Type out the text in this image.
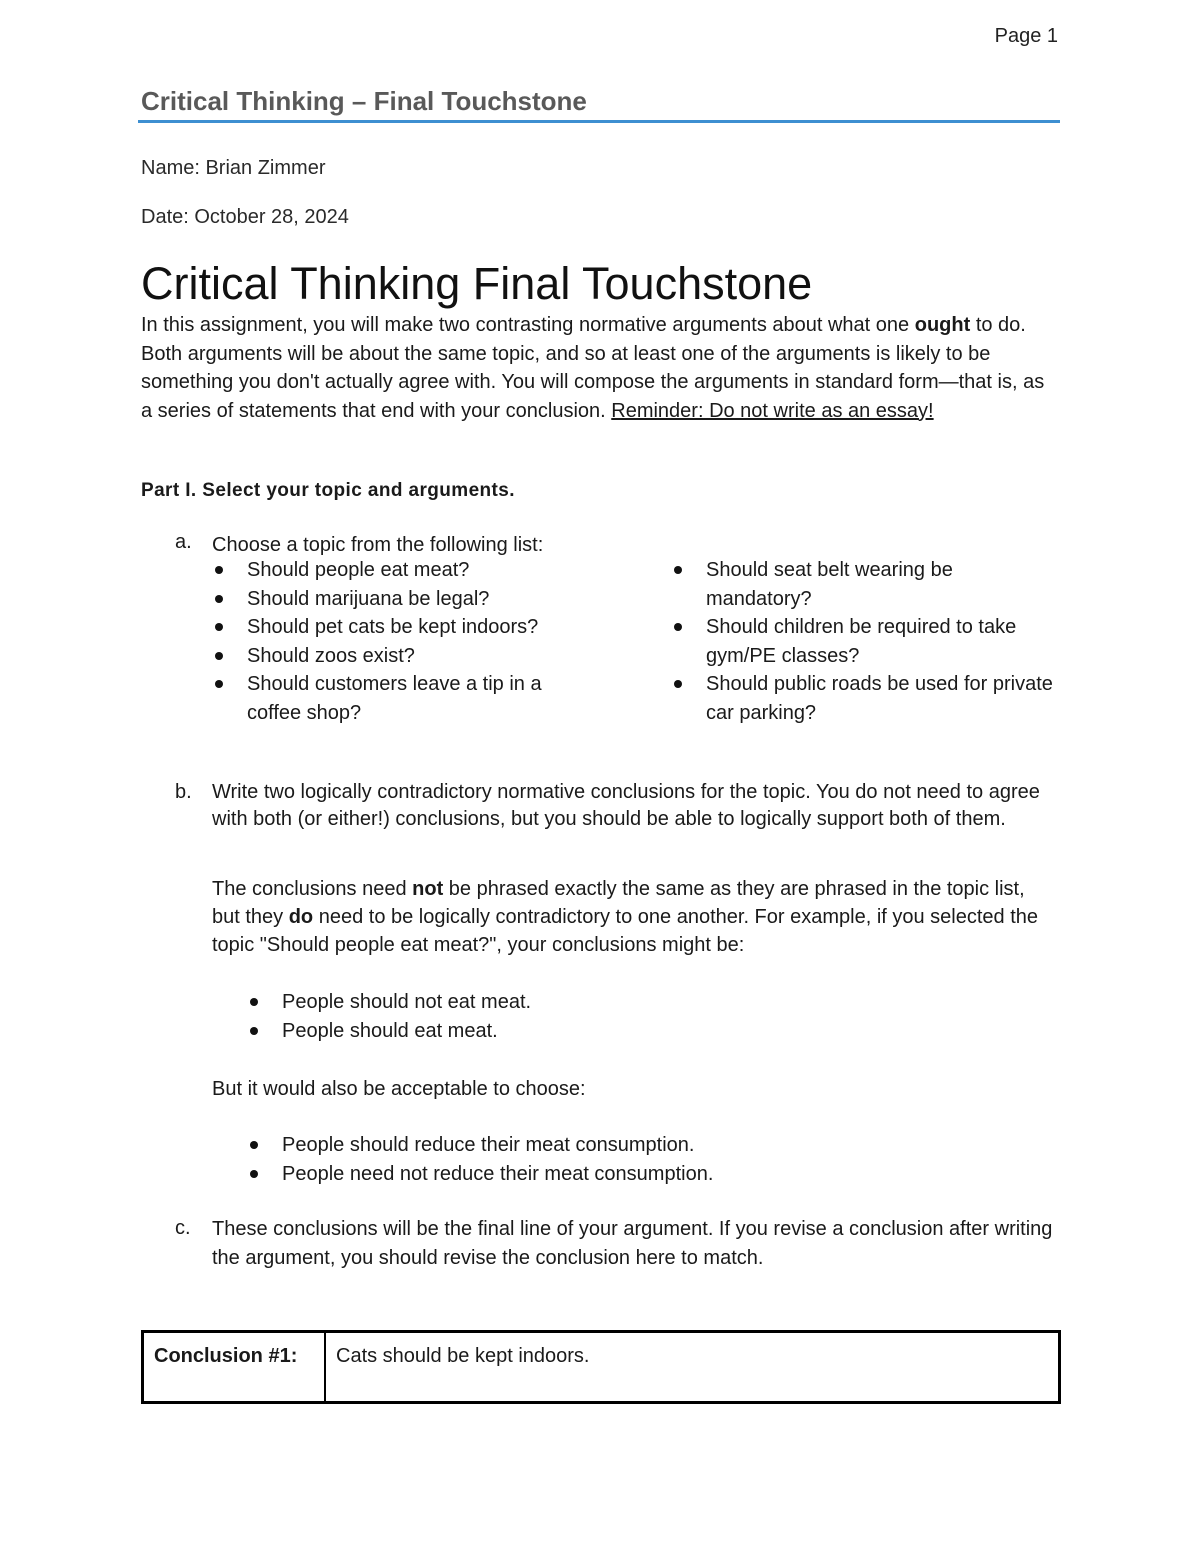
Page 1
Critical Thinking – Final Touchstone
Name: Brian Zimmer
Date: October 28, 2024
Critical Thinking Final Touchstone

In this assignment, you will make two contrasting normative arguments about what one ought to do. Both arguments will be about the same topic, and so at least one of the arguments is likely to be something you don't actually agree with. You will compose the arguments in standard form—that is, as a series of statements that end with your conclusion. Reminder: Do not write as an essay!

Part I. Select your topic and arguments.
a. Choose a topic from the following list:
Should people eat meat?
Should marijuana be legal?
Should pet cats be kept indoors?
Should zoos exist?
Should customers leave a tip in a coffee shop?
Should seat belt wearing be mandatory?
Should children be required to take gym/PE classes?
Should public roads be used for private car parking?
b. Write two logically contradictory normative conclusions for the topic. You do not need to agree with both (or either!) conclusions, but you should be able to logically support both of them.

The conclusions need not be phrased exactly the same as they are phrased in the topic list, but they do need to be logically contradictory to one another. For example, if you selected the topic "Should people eat meat?", your conclusions might be:

People should not eat meat.
People should eat meat.
But it would also be acceptable to choose:
People should reduce their meat consumption.
People need not reduce their meat consumption.
c. These conclusions will be the final line of your argument. If you revise a conclusion after writing the argument, you should revise the conclusion here to match.

Conclusion #1:	Cats should be kept indoors.
